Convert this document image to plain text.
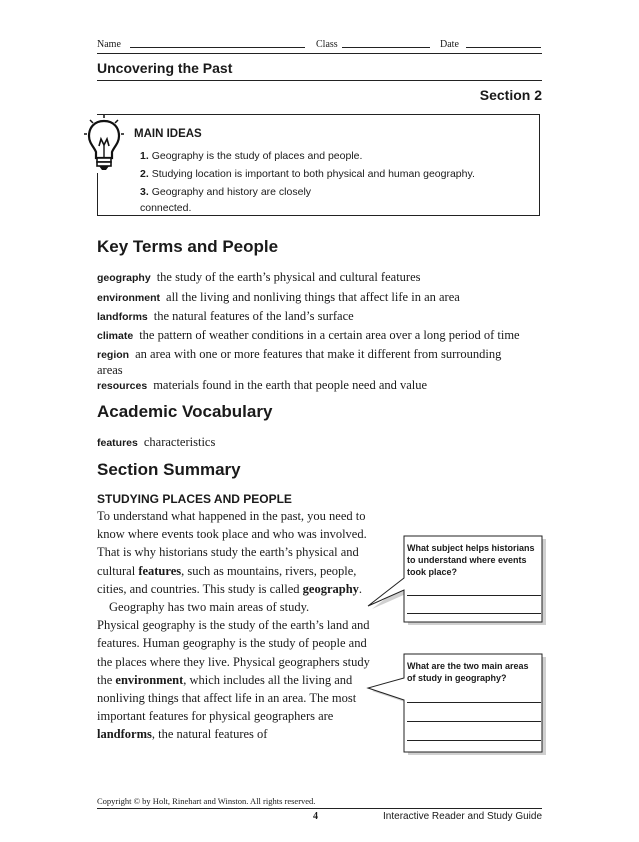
Name	Class	Date
Uncovering the Past
Section 2
MAIN IDEAS
1. Geography is the study of places and people.
2. Studying location is important to both physical and human geography.
3. Geography and history are closely connected.
Key Terms and People
geography the study of the earth’s physical and cultural features
environment all the living and nonliving things that affect life in an area
landforms the natural features of the land’s surface
climate the pattern of weather conditions in a certain area over a long period of time
region an area with one or more features that make it different from surrounding areas
resources materials found in the earth that people need and value
Academic Vocabulary
features characteristics
Section Summary
STUDYING PLACES AND PEOPLE

To understand what happened in the past, you need to know where events took place and who was involved. That is why historians study the earth’s physical and cultural features, such as mountains, rivers, people, cities, and countries. This study is called geography.

Geography has two main areas of study.

Physical geography is the study of the earth’s land and features. Human geography is the study of people and the places where they live. Physical geographers study the environment, which includes all the living and nonliving things that affect life in an area. The most important features for physical geographers are landforms, the natural features of

What subject helps historians to understand where events took place?
What are the two main areas of study in geography?
Copyright © by Holt, Rinehart and Winston. All rights reserved.
4	Interactive Reader and Study Guide
